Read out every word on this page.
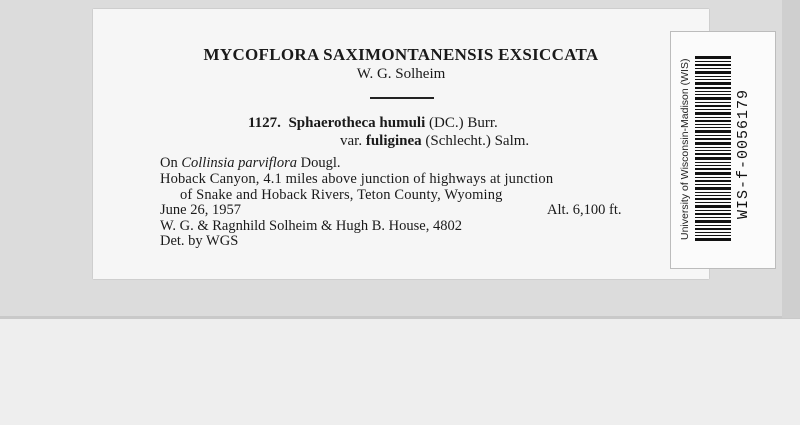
MYCOFLORA SAXIMONTANENSIS EXSICCATA
W. G. Solheim
1127. Sphaerotheca humuli (DC.) Burr.
var. fuliginea (Schlecht.) Salm.
On Collinsia parviflora Dougl.
Hoback Canyon, 4.1 miles above junction of highways at junction
of Snake and Hoback Rivers, Teton County, Wyoming
June 26, 1957	Alt. 6,100 ft.
W. G. & Ragnhild Solheim & Hugh B. House, 4802
Det. by WGS
University of Wisconsin-Madison (WIS)	WIS-f-0056179
